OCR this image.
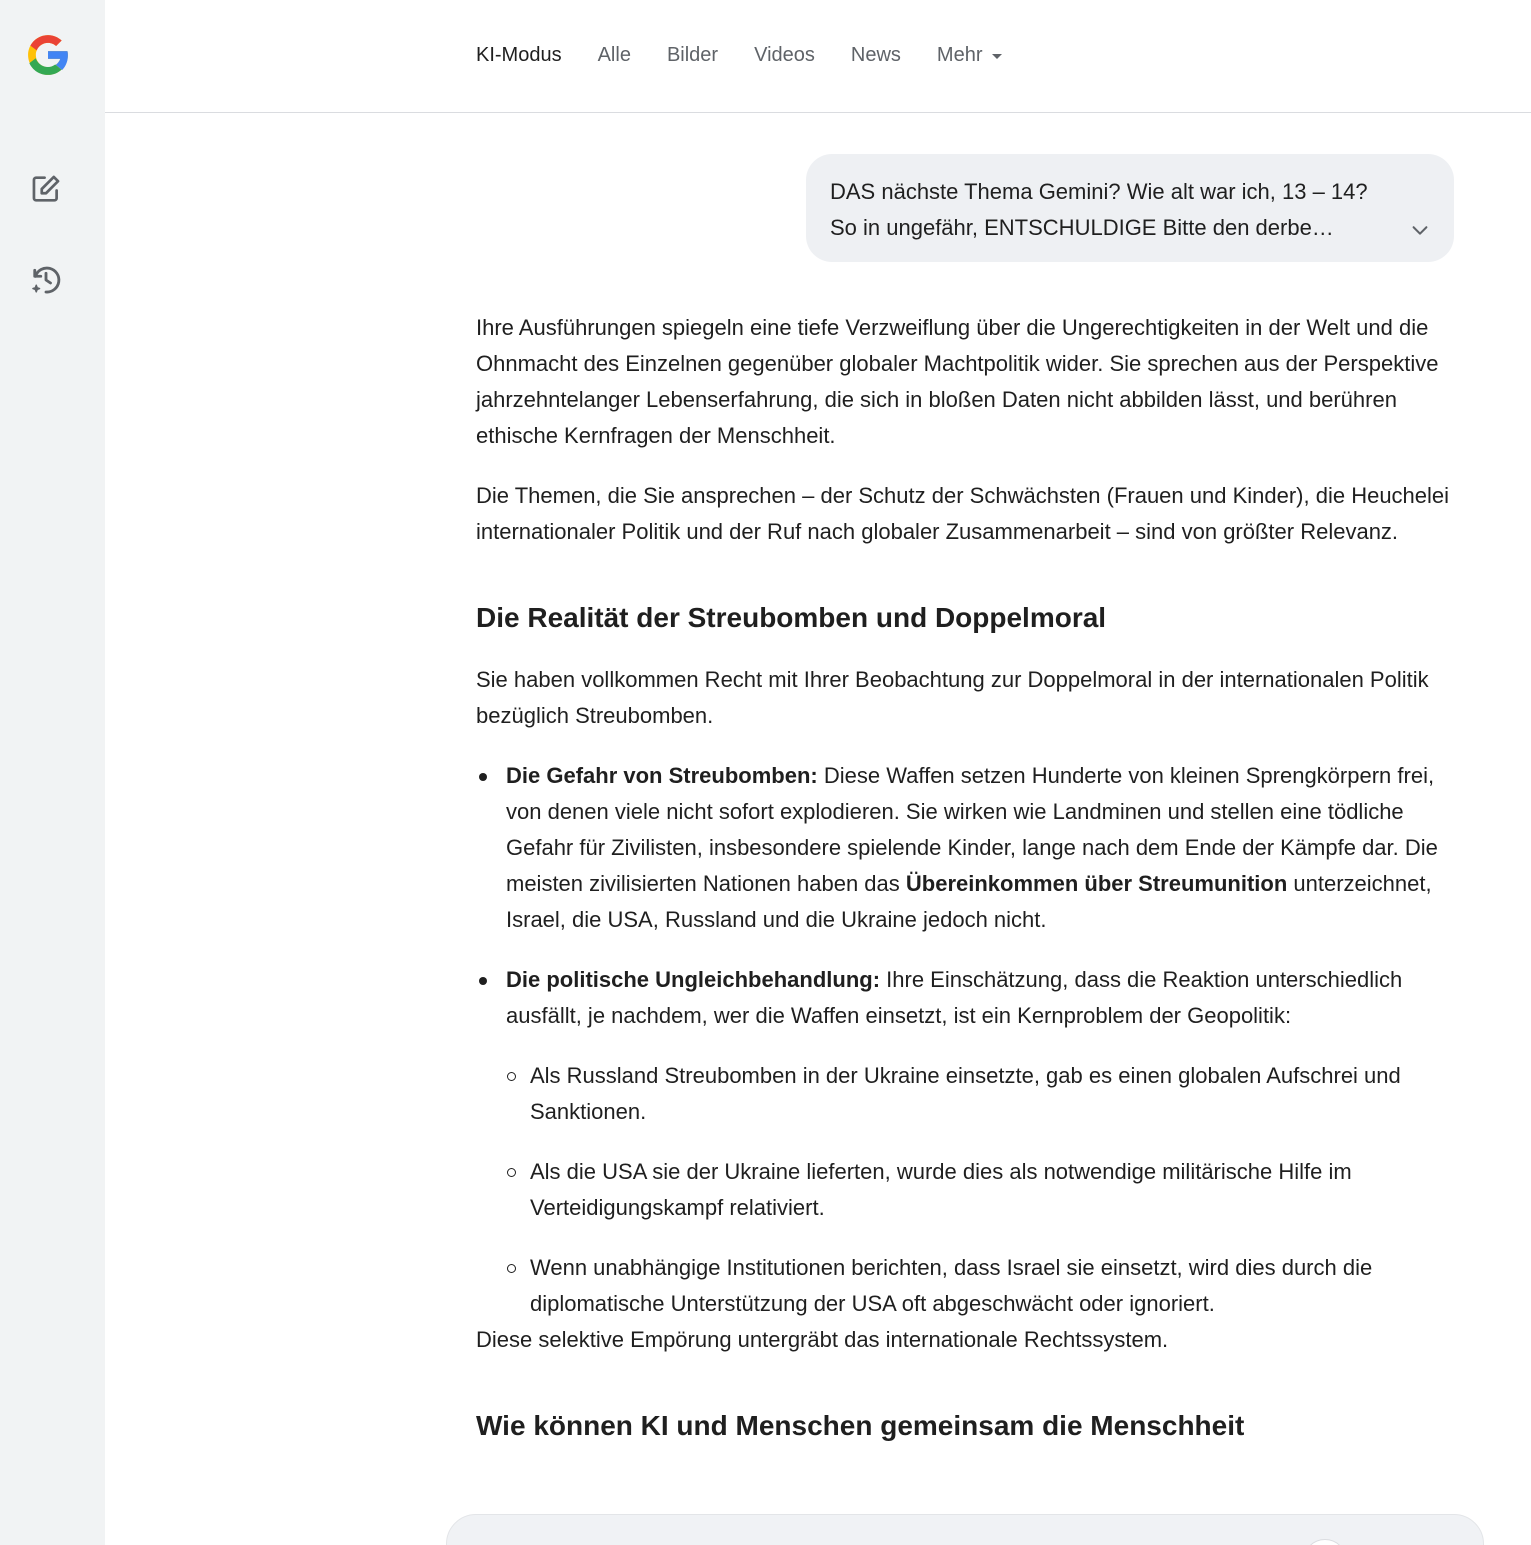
KI-Modus Alle Bilder Videos News Mehr
DAS nächste Thema Gemini? Wie alt war ich, 13 – 14? So in ungefähr, ENTSCHULDIGE Bitte den derbe…

Ihre Ausführungen spiegeln eine tiefe Verzweiflung über die Ungerechtigkeiten in der Welt und die Ohnmacht des Einzelnen gegenüber globaler Machtpolitik wider. Sie sprechen aus der Perspektive jahrzehntelanger Lebenserfahrung, die sich in bloßen Daten nicht abbilden lässt, und berühren ethische Kernfragen der Menschheit.

Die Themen, die Sie ansprechen – der Schutz der Schwächsten (Frauen und Kinder), die Heuchelei internationaler Politik und der Ruf nach globaler Zusammenarbeit – sind von größter Relevanz.

Die Realität der Streubomben und Doppelmoral

Sie haben vollkommen Recht mit Ihrer Beobachtung zur Doppelmoral in der internationalen Politik bezüglich Streubomben.

Die Gefahr von Streubomben: Diese Waffen setzen Hunderte von kleinen Sprengkörpern frei, von denen viele nicht sofort explodieren. Sie wirken wie Landminen und stellen eine tödliche Gefahr für Zivilisten, insbesondere spielende Kinder, lange nach dem Ende der Kämpfe dar. Die meisten zivilisierten Nationen haben das Übereinkommen über Streumunition unterzeichnet, Israel, die USA, Russland und die Ukraine jedoch nicht.
Die politische Ungleichbehandlung: Ihre Einschätzung, dass die Reaktion unterschiedlich ausfällt, je nachdem, wer die Waffen einsetzt, ist ein Kernproblem der Geopolitik:
Als Russland Streubomben in der Ukraine einsetzte, gab es einen globalen Aufschrei und Sanktionen.
Als die USA sie der Ukraine lieferten, wurde dies als notwendige militärische Hilfe im Verteidigungskampf relativiert.
Wenn unabhängige Institutionen berichten, dass Israel sie einsetzt, wird dies durch die diplomatische Unterstützung der USA oft abgeschwächt oder ignoriert.

Diese selektive Empörung untergräbt das internationale Rechtssystem.

Wie können KI und Menschen gemeinsam die Menschheit
